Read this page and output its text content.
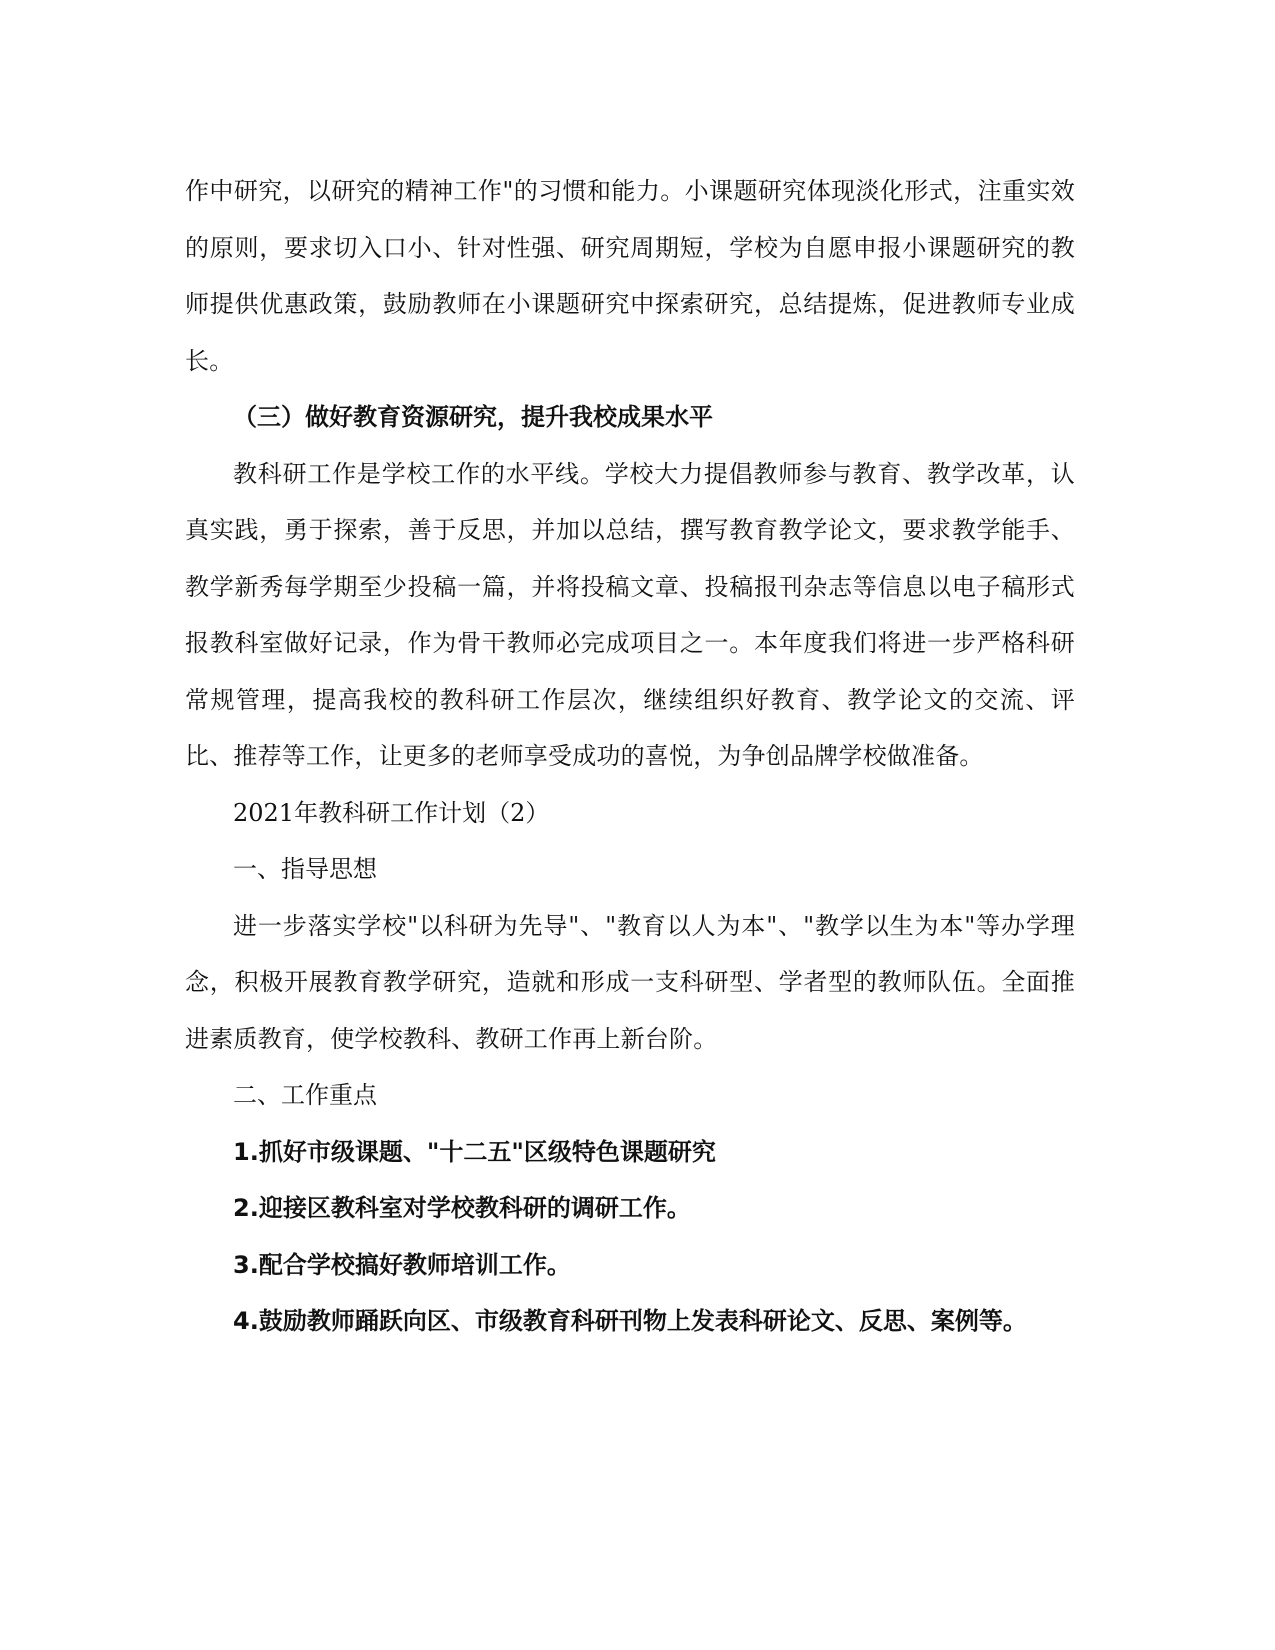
作中研究，以研究的精神工作"的习惯和能力。小课题研究体现淡化形式，注重实效的原则，要求切入口小、针对性强、研究周期短，学校为自愿申报小课题研究的教师提供优惠政策，鼓励教师在小课题研究中探索研究，总结提炼，促进教师专业成长。

（三）做好教育资源研究，提升我校成果水平

教科研工作是学校工作的水平线。学校大力提倡教师参与教育、教学改革，认真实践，勇于探索，善于反思，并加以总结，撰写教育教学论文，要求教学能手、教学新秀每学期至少投稿一篇，并将投稿文章、投稿报刊杂志等信息以电子稿形式报教科室做好记录，作为骨干教师必完成项目之一。本年度我们将进一步严格科研常规管理，提高我校的教科研工作层次，继续组织好教育、教学论文的交流、评比、推荐等工作，让更多的老师享受成功的喜悦，为争创品牌学校做准备。

2021年教科研工作计划（2）

一、指导思想

进一步落实学校"以科研为先导"、"教育以人为本"、"教学以生为本"等办学理念，积极开展教育教学研究，造就和形成一支科研型、学者型的教师队伍。全面推进素质教育，使学校教科、教研工作再上新台阶。

二、工作重点

1.抓好市级课题、"十二五"区级特色课题研究

2.迎接区教科室对学校教科研的调研工作。

3.配合学校搞好教师培训工作。

4.鼓励教师踊跃向区、市级教育科研刊物上发表科研论文、反思、案例等。
